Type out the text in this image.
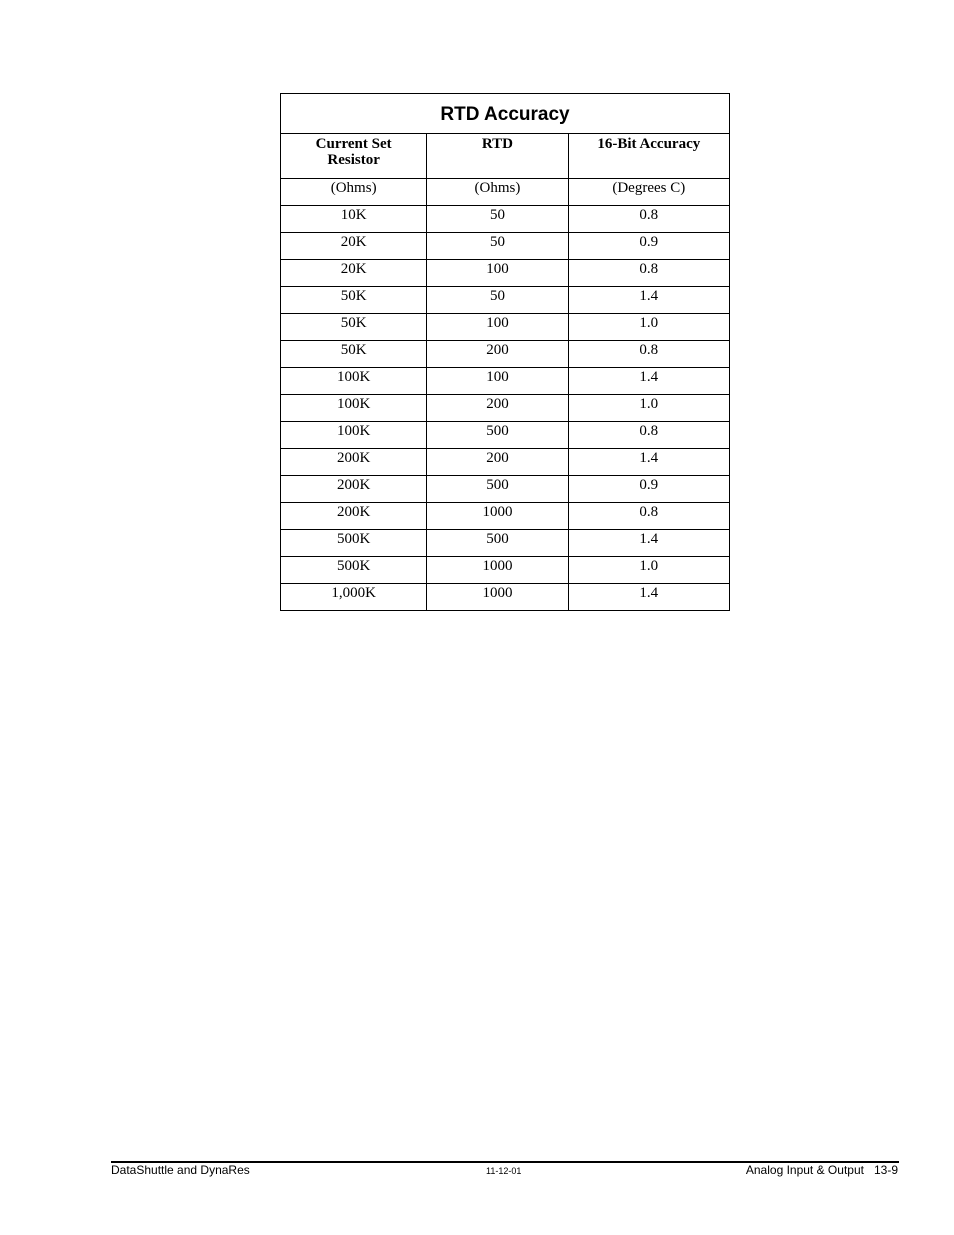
RTD Accuracy		

Current Set Resistor	RTD	16-Bit Accuracy
(Ohms)	(Ohms)	(Degrees C)
10K	50	0.8
20K	50	0.9
20K	100	0.8
50K	50	1.4
50K	100	1.0
50K	200	0.8
100K	100	1.4
100K	200	1.0
100K	500	0.8
200K	200	1.4
200K	500	0.9
200K	1000	0.8
500K	500	1.4
500K	1000	1.0
1,000K	1000	1.4
DataShuttle and DynaRes	11-12-01	Analog Input & Output 13-9
